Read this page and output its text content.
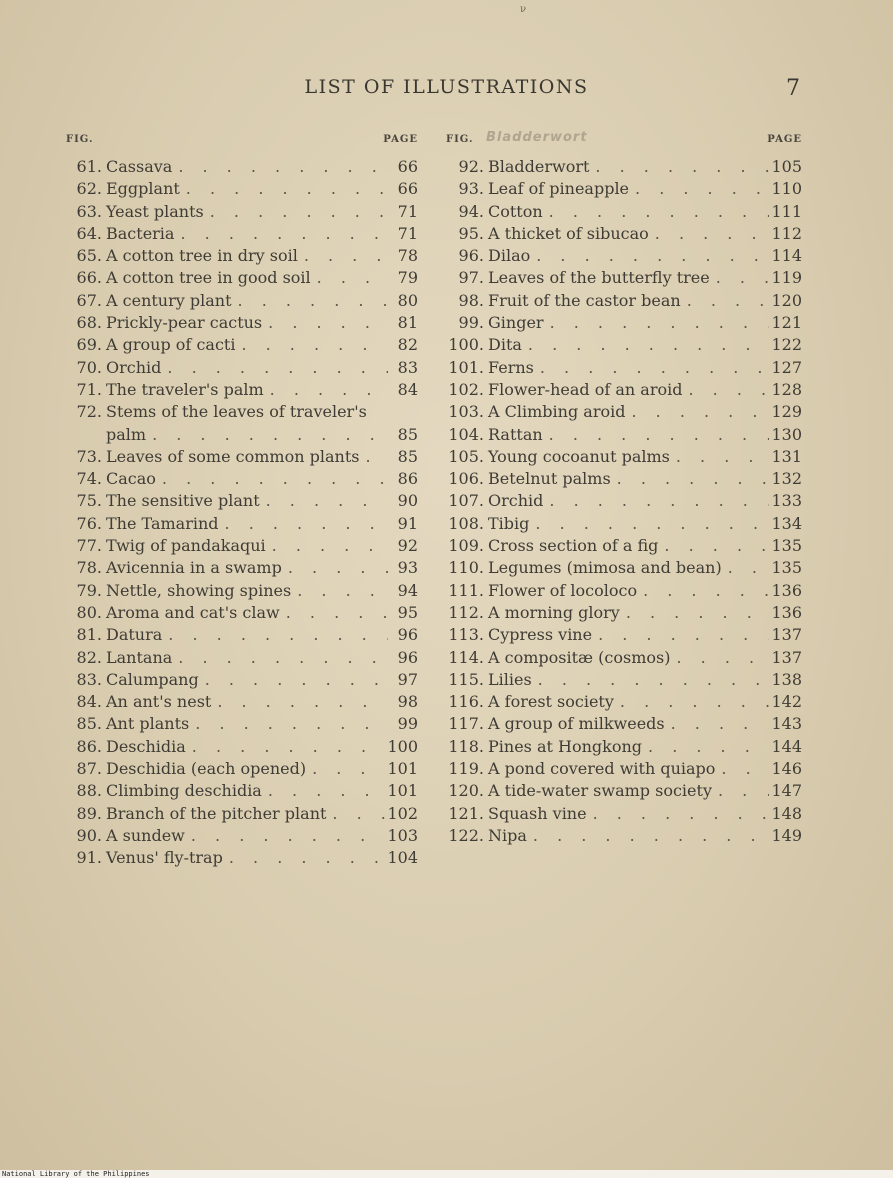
ν
LIST OF ILLUSTRATIONS	7
FIG.	PAGE
61. Cassava . . .	66
62. Eggplant . . .	66
63. Yeast plants . . .	71
64. Bacteria . . .	71
65. A cotton tree in dry soil . . .	78
66. A cotton tree in good soil . . .	79
67. A century plant . . .	80
68. Prickly-pear cactus . . .	81
69. A group of cacti . . .	82
70. Orchid . . .	83
71. The traveler's palm . . .	84
72. Stems of the leaves of traveler's
palm . . .	85
73. Leaves of some common plants . . .	85
74. Cacao . . .	86
75. The sensitive plant . . .	90
76. The Tamarind . . .	91
77. Twig of pandakaqui . . .	92
78. Avicennia in a swamp . . .	93
79. Nettle, showing spines . . .	94
80. Aroma and cat's claw . . .	95
81. Datura . . .	96
82. Lantana . . .	96
83. Calumpang . . .	97
84. An ant's nest . . .	98
85. Ant plants . . .	99
86. Deschidia . . .	100
87. Deschidia (each opened) . . .	101
88. Climbing deschidia . . .	101
89. Branch of the pitcher plant . . .	102
90. A sundew . . .	103
91. Venus' fly-trap . . .	104
FIG. Bladderwort	PAGE
92. Bladderwort . . .	105
93. Leaf of pineapple . . .	110
94. Cotton . . .	111
95. A thicket of sibucao . . .	112
96. Dilao . . .	114
97. Leaves of the butterfly tree . . .	119
98. Fruit of the castor bean . . .	120
99. Ginger . . .	121
100. Dita . . .	122
101. Ferns . . .	127
102. Flower-head of an aroid . . .	128
103. A Climbing aroid . . .	129
104. Rattan . . .	130
105. Young cocoanut palms . . .	131
106. Betelnut palms . . .	132
107. Orchid . . .	133
108. Tibig . . .	134
109. Cross section of a fig . . .	135
110. Legumes (mimosa and bean) . . .	135
111. Flower of locoloco . . .	136
112. A morning glory . . .	136
113. Cypress vine . . .	137
114. A compositæ (cosmos) . . .	137
115. Lilies . . .	138
116. A forest society . . .	142
117. A group of milkweeds . . .	143
118. Pines at Hongkong . . .	144
119. A pond covered with quiapo . . .	146
120. A tide-water swamp society . . .	147
121. Squash vine . . .	148
122. Nipa . . .	149
National Library of the Philippines
